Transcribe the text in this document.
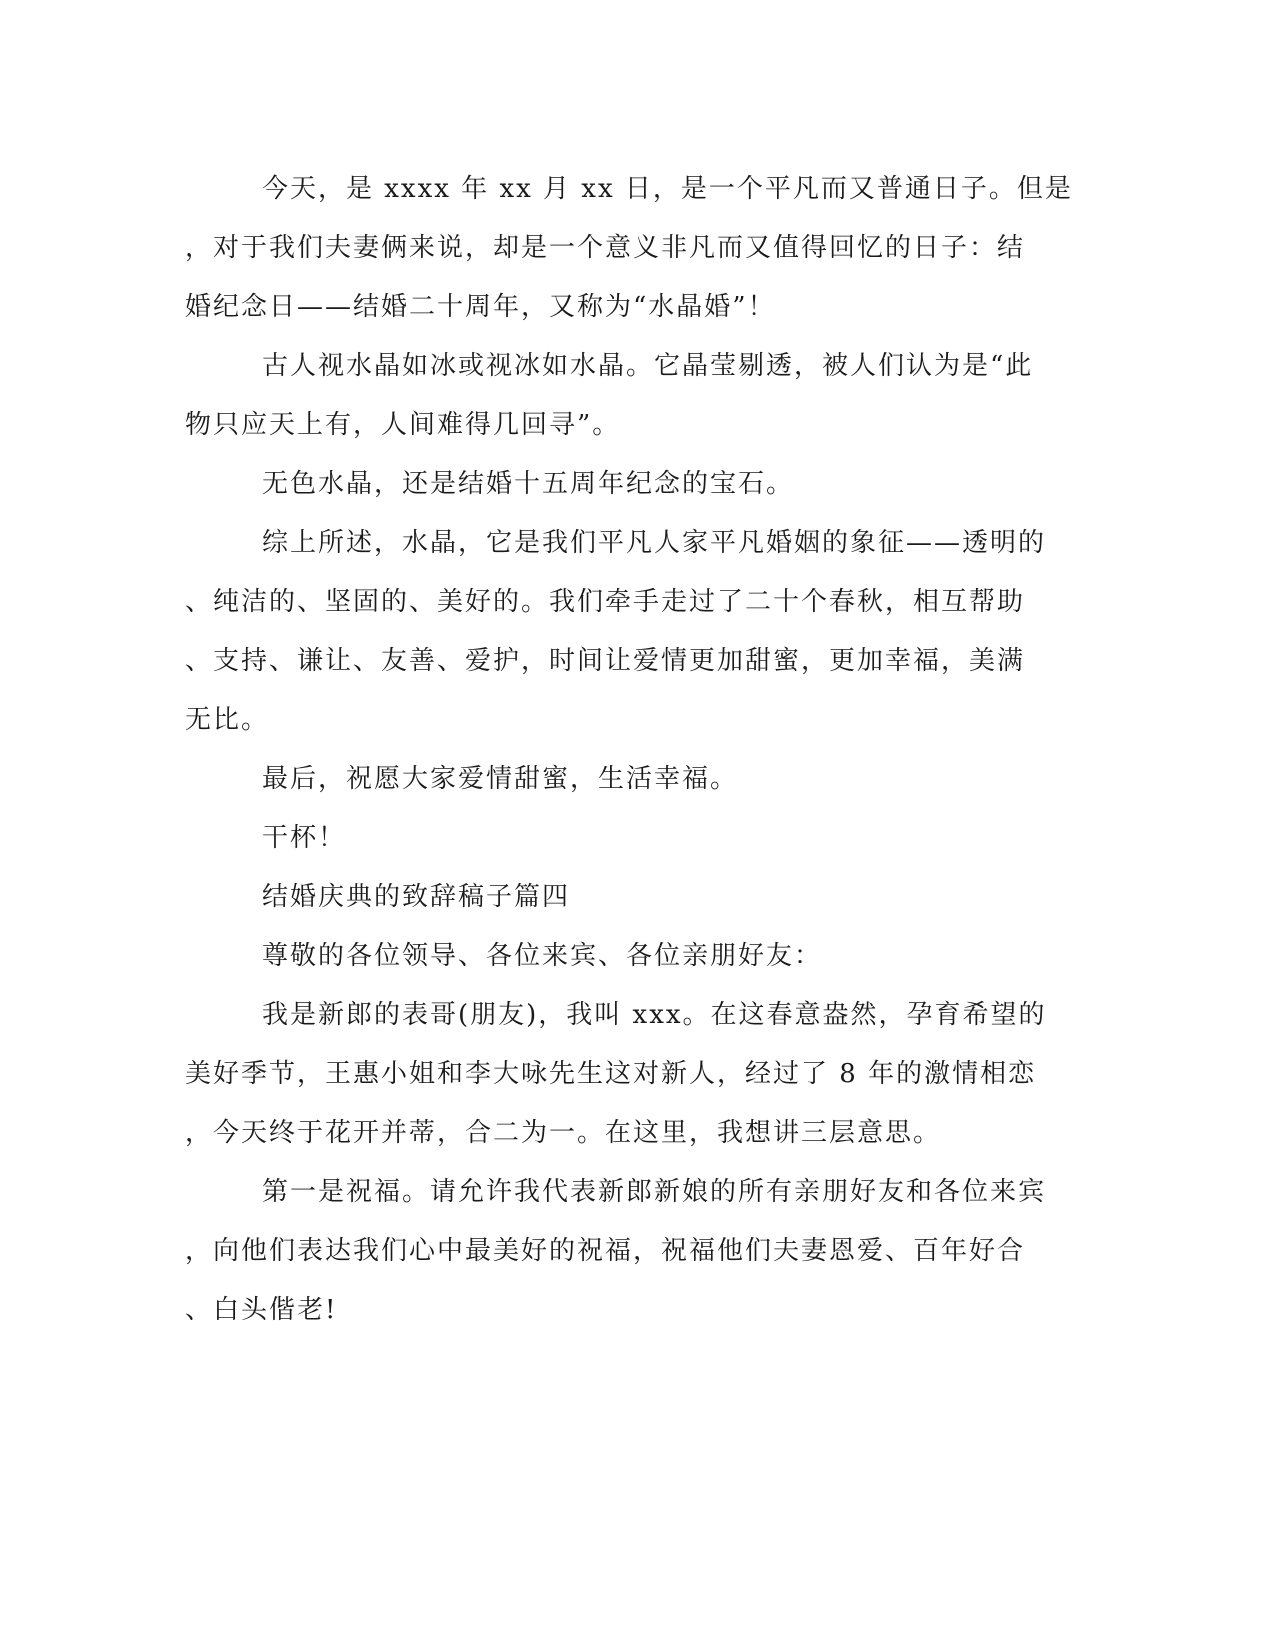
今天，是 xxxx 年 xx 月 xx 日，是一个平凡而又普通日子。但是
，对于我们夫妻俩来说，却是一个意义非凡而又值得回忆的日子：结
婚纪念日——结婚二十周年，又称为“水晶婚”！
古人视水晶如冰或视冰如水晶。它晶莹剔透，被人们认为是“此
物只应天上有，人间难得几回寻”。
无色水晶，还是结婚十五周年纪念的宝石。
综上所述，水晶，它是我们平凡人家平凡婚姻的象征——透明的
、纯洁的、坚固的、美好的。我们牵手走过了二十个春秋，相互帮助
、支持、谦让、友善、爱护，时间让爱情更加甜蜜，更加幸福，美满
无比。
最后，祝愿大家爱情甜蜜，生活幸福。
干杯！
结婚庆典的致辞稿子篇四
尊敬的各位领导、各位来宾、各位亲朋好友：
我是新郎的表哥(朋友)，我叫 xxx。在这春意盎然，孕育希望的
美好季节，王惠小姐和李大咏先生这对新人，经过了 8 年的激情相恋
，今天终于花开并蒂，合二为一。在这里，我想讲三层意思。
第一是祝福。请允许我代表新郎新娘的所有亲朋好友和各位来宾
，向他们表达我们心中最美好的祝福，祝福他们夫妻恩爱、百年好合
、白头偕老!
